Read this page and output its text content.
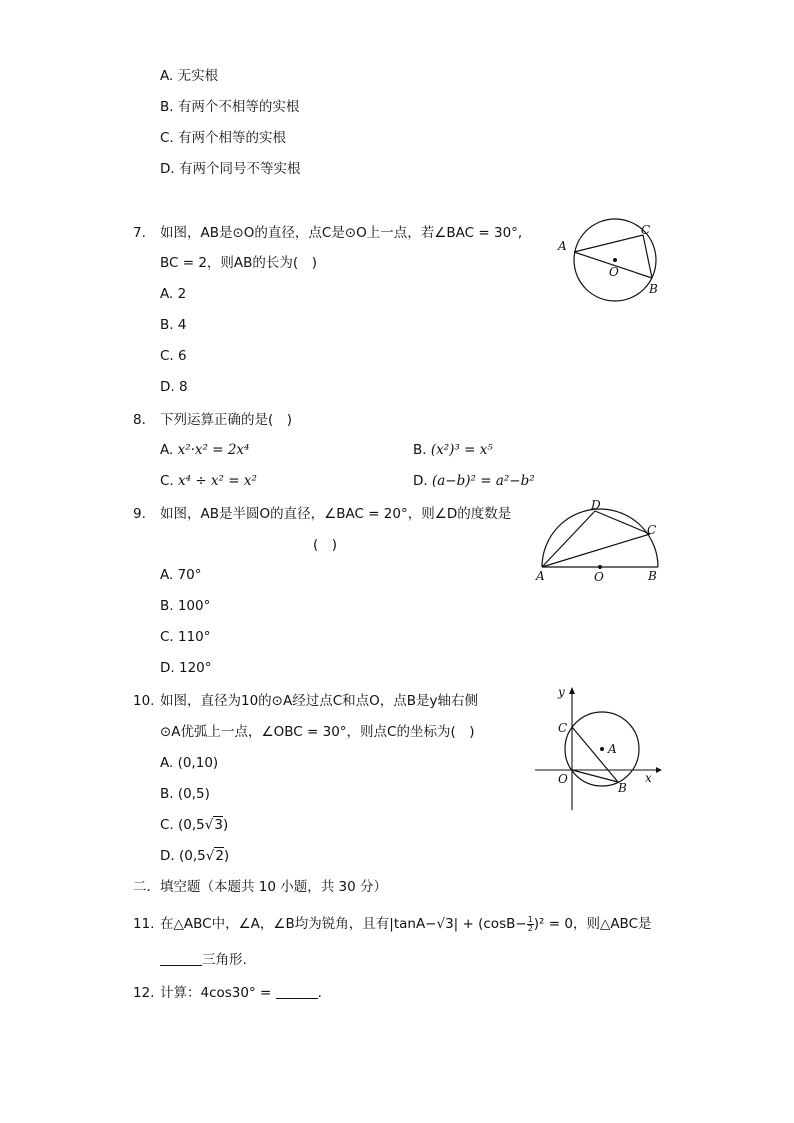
A. 无实根
B. 有两个不相等的实根
C. 有两个相等的实根
D. 有两个同号不等实根
7. 如图，AB是⊙O的直径，点C是⊙O上一点，若∠BAC = 30°,
BC = 2，则AB的长为(　)
A. 2
B. 4
C. 6
D. 8
A
C
O
B
8. 下列运算正确的是(　)
A. x²·x² = 2x⁴	B. (x²)³ = x⁵
C. x⁴ ÷ x² = x²	D. (a−b)² = a²−b²
9. 如图，AB是半圆O的直径，∠BAC = 20°，则∠D的度数是
(　)
A. 70°
B. 100°
C. 110°
D. 120°
D
C
A	O	B
10. 如图，直径为10的⊙A经过点C和点O，点B是y轴右侧
⊙A优弧上一点，∠OBC = 30°，则点C的坐标为(　)
A. (0,10)
B. (0,5)
C. (0,5√3)
D. (0,5√2)
y
C
A
O
B
x
二．填空题（本题共 10 小题，共 30 分）
11. 在△ABC中，∠A，∠B均为锐角，且有$|\tan A-√3| + (\cos B- \frac{1}{2} )^2 = 0$，则△ABC是
三角形.
12. 计算：4cos30° =	.
